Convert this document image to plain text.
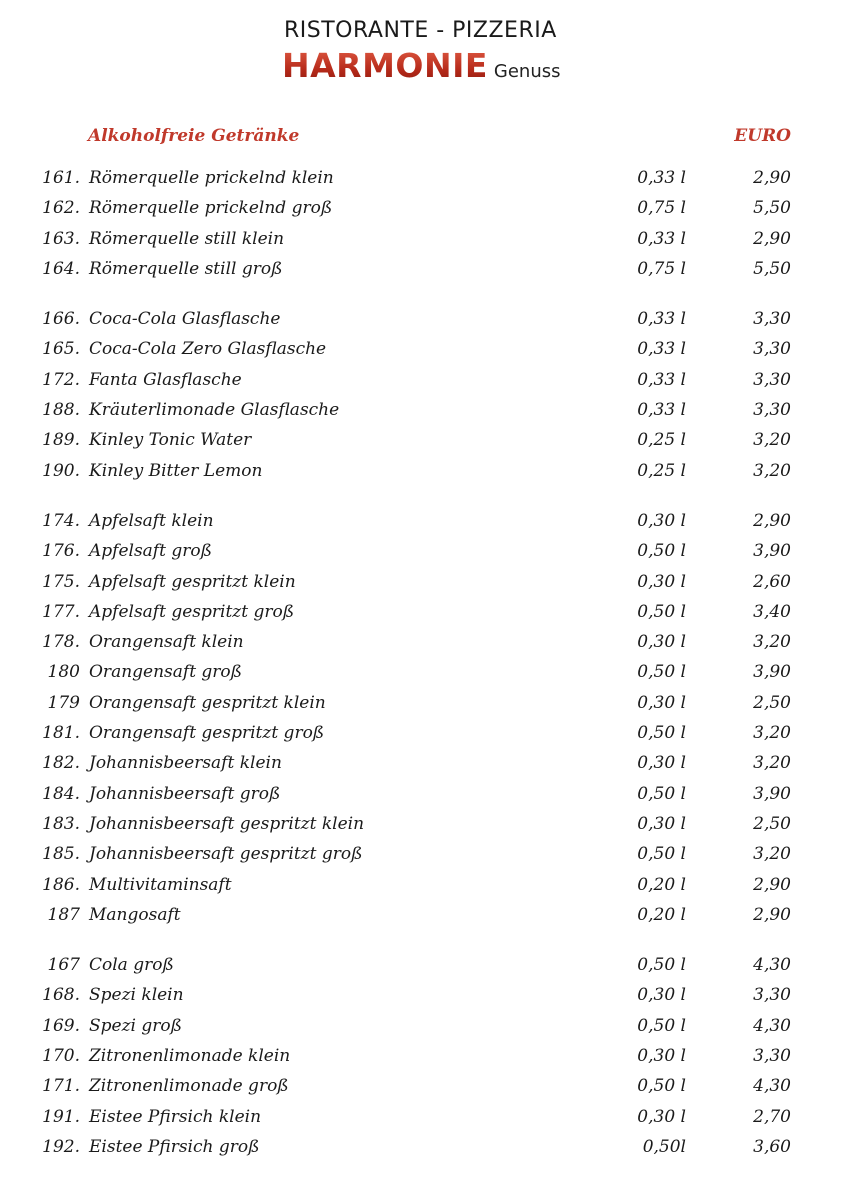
RISTORANTE - PIZZERIA
HARMONIE Genuss
Alkoholfreie Getränke	EURO
161. Römerquelle prickelnd klein	0,33 l	2,90
162. Römerquelle prickelnd groß	0,75 l	5,50
163. Römerquelle still klein	0,33 l	2,90
164. Römerquelle still groß	0,75 l	5,50
166. Coca-Cola Glasflasche	0,33 l	3,30
165. Coca-Cola Zero Glasflasche	0,33 l	3,30
172. Fanta Glasflasche	0,33 l	3,30
188. Kräuterlimonade Glasflasche	0,33 l	3,30
189. Kinley Tonic Water	0,25 l	3,20
190. Kinley Bitter Lemon	0,25 l	3,20
174. Apfelsaft klein	0,30 l	2,90
176. Apfelsaft groß	0,50 l	3,90
175. Apfelsaft gespritzt klein	0,30 l	2,60
177. Apfelsaft gespritzt groß	0,50 l	3,40
178. Orangensaft klein	0,30 l	3,20
180 Orangensaft groß	0,50 l	3,90
179 Orangensaft gespritzt klein	0,30 l	2,50
181. Orangensaft gespritzt groß	0,50 l	3,20
182. Johannisbeersaft klein	0,30 l	3,20
184. Johannisbeersaft groß	0,50 l	3,90
183. Johannisbeersaft gespritzt klein	0,30 l	2,50
185. Johannisbeersaft gespritzt groß	0,50 l	3,20
186. Multivitaminsaft	0,20 l	2,90
187 Mangosaft	0,20 l	2,90
167 Cola groß	0,50 l	4,30
168. Spezi klein	0,30 l	3,30
169. Spezi groß	0,50 l	4,30
170. Zitronenlimonade klein	0,30 l	3,30
171. Zitronenlimonade groß	0,50 l	4,30
191. Eistee Pfirsich klein	0,30 l	2,70
192. Eistee Pfirsich groß	0,50l	3,60
